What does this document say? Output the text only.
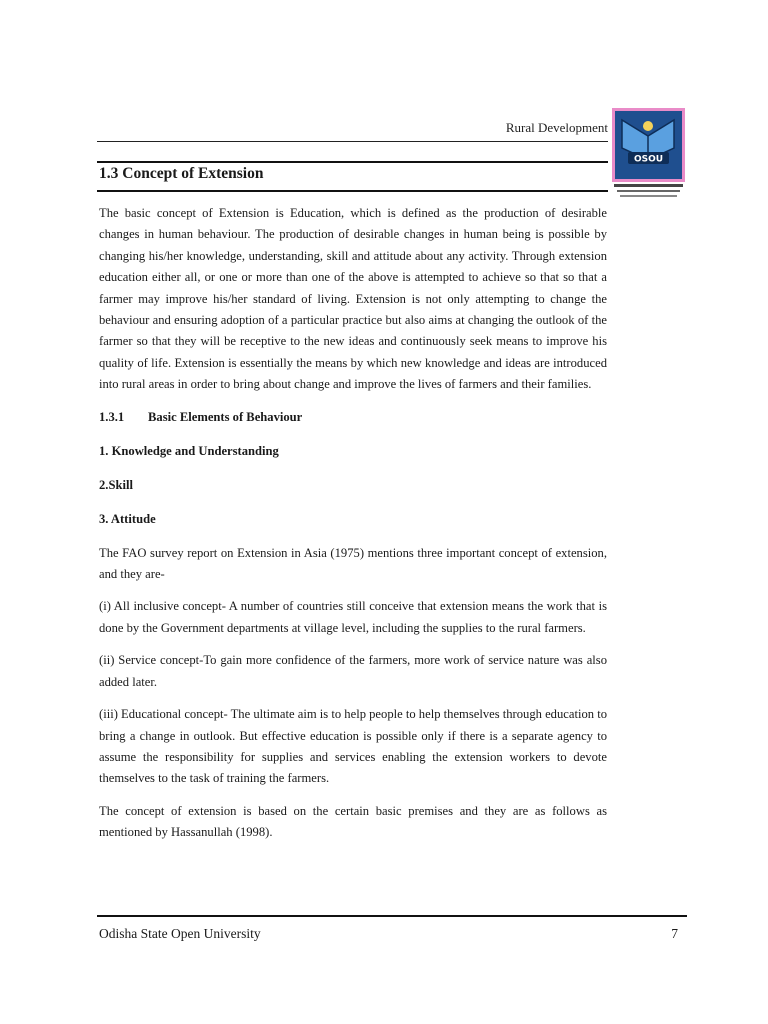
Rural Development
OSOU
1.3 Concept of Extension

The basic concept of Extension is Education, which is defined as the production of desirable changes in human behaviour. The production of desirable changes in human being is possible by changing his/her knowledge, understanding, skill and attitude about any activity. Through extension education either all, or one or more than one of the above is attempted to achieve so that so that a farmer may improve his/her standard of living. Extension is not only attempting to change the behaviour and ensuring adoption of a particular practice but also aims at changing the outlook of the farmer so that they will be receptive to the new ideas and continuously seek means to improve his quality of life. Extension is essentially the means by which new knowledge and ideas are introduced into rural areas in order to bring about change and improve the lives of farmers and their families.

1.3.1 Basic Elements of Behaviour
1. Knowledge and Understanding
2.Skill
3. Attitude

The FAO survey report on Extension in Asia (1975) mentions three important concept of extension, and they are-

(i) All inclusive concept- A number of countries still conceive that extension means the work that is done by the Government departments at village level, including the supplies to the rural farmers.

(ii) Service concept-To gain more confidence of the farmers, more work of service nature was also added later.

(iii) Educational concept- The ultimate aim is to help people to help themselves through education to bring a change in outlook. But effective education is possible only if there is a separate agency to assume the responsibility for supplies and services enabling the extension workers to devote themselves to the task of training the farmers.

The concept of extension is based on the certain basic premises and they are as follows as mentioned by Hassanullah (1998).

Odisha State Open University	7
